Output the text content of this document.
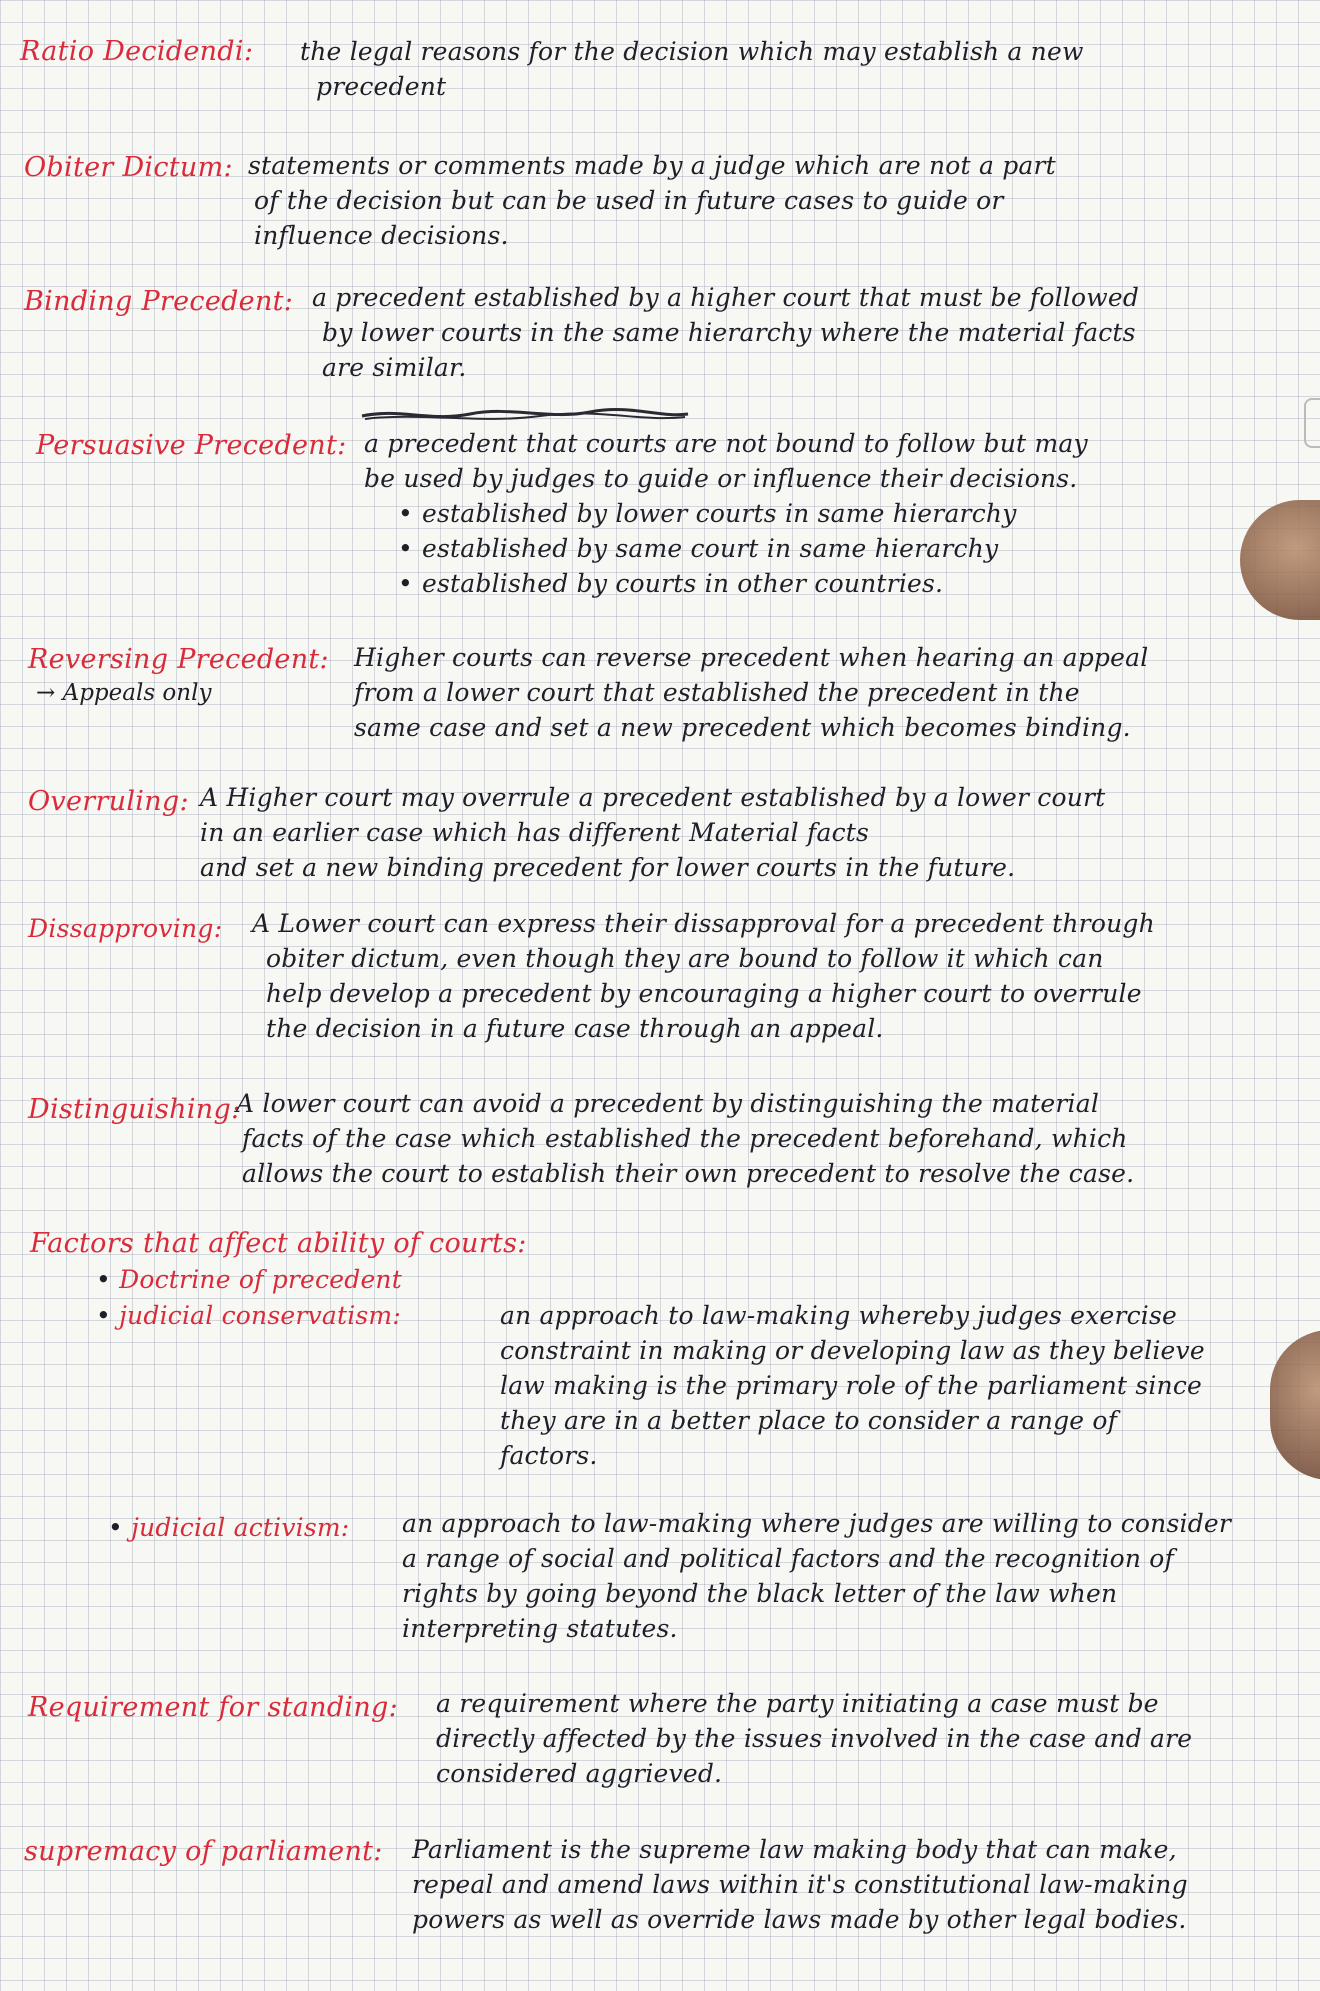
Ratio Decidendi: the legal reasons for the decision which may establish a new
precedent
Obiter Dictum: statements or comments made by a judge which are not a part
of the decision but can be used in future cases to guide or
influence decisions.
Binding Precedent: a precedent established by a higher court that must be followed
by lower courts in the same hierarchy where the material facts
are similar.
Persuasive Precedent: a precedent that courts are not bound to follow but may
be used by judges to guide or influence their decisions.
• established by lower courts in same hierarchy
• established by same court in same hierarchy
• established by courts in other countries.
Reversing Precedent:
→ Appeals only
Higher courts can reverse precedent when hearing an appeal
from a lower court that established the precedent in the
same case and set a new precedent which becomes binding.
Overruling: A Higher court may overrule a precedent established by a lower court
in an earlier case which has different Material facts
and set a new binding precedent for lower courts in the future.
Dissapproving: A Lower court can express their dissapproval for a precedent through
obiter dictum, even though they are bound to follow it which can
help develop a precedent by encouraging a higher court to overrule
the decision in a future case through an appeal.
Distinguishing:
A lower court can avoid a precedent by distinguishing the material
facts of the case which established the precedent beforehand, which
allows the court to establish their own precedent to resolve the case.
Factors that affect ability of courts:
• Doctrine of precedent
• judicial conservatism:	an approach to law-making whereby judges exercise
constraint in making or developing law as they believe
law making is the primary role of the parliament since
they are in a better place to consider a range of
factors.
• judicial activism: an approach to law-making where judges are willing to consider
a range of social and political factors and the recognition of
rights by going beyond the black letter of the law when
interpreting statutes.
Requirement for standing: a requirement where the party initiating a case must be
directly affected by the issues involved in the case and are
considered aggrieved.
supremacy of parliament: Parliament is the supreme law making body that can make,
repeal and amend laws within it's constitutional law-making
powers as well as override laws made by other legal bodies.
